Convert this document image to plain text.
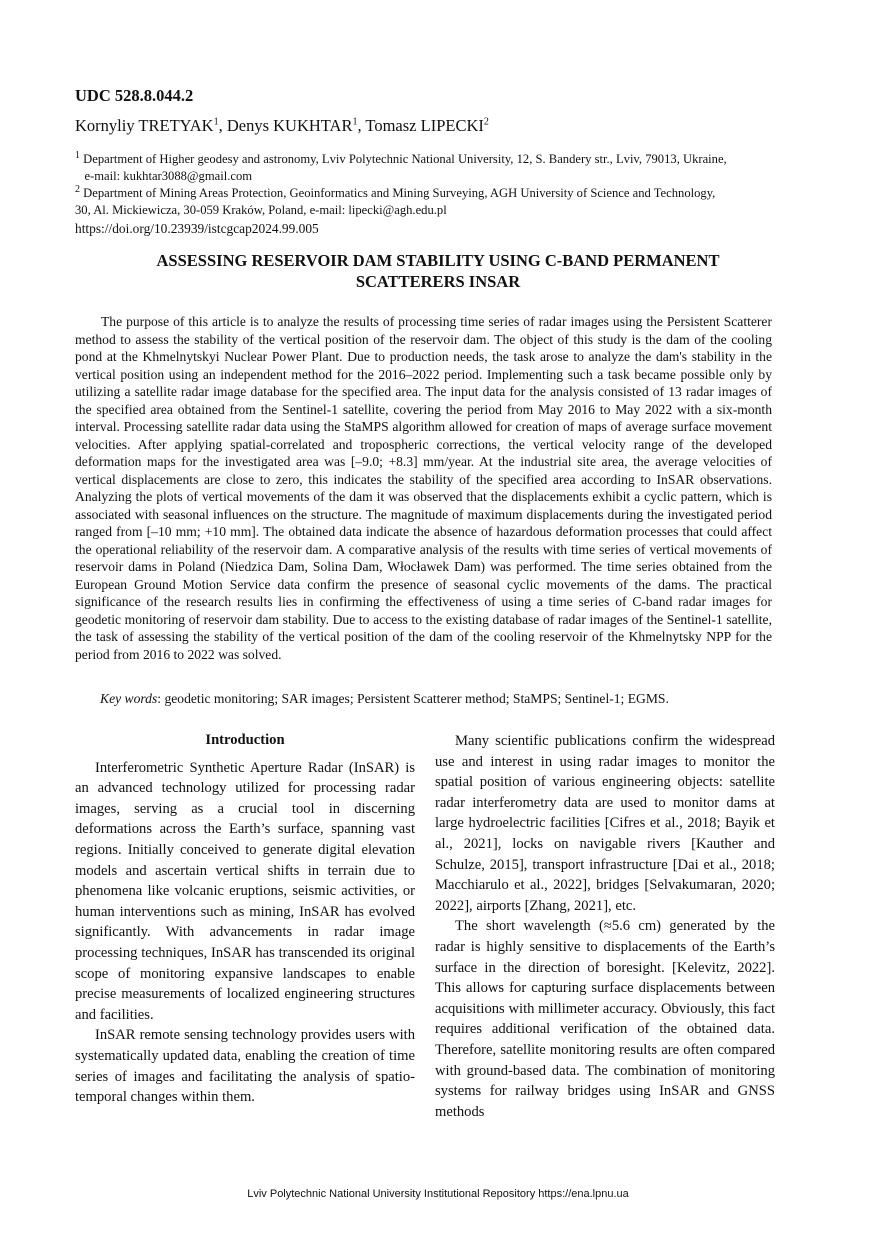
UDC 528.8.044.2
Kornyliy TRETYAK$^1$, Denys KUKHTAR$^1$, Tomasz LIPECKI$^2$
$^1$ Department of Higher geodesy and astronomy, Lviv Polytechnic National University, 12, S. Bandery str., Lviv, 79013, Ukraine,
e-mail: kukhtar3088@gmail.com
$^2$ Department of Mining Areas Protection, Geoinformatics and Mining Surveying, AGH University of Science and Technology,
30, Al. Mickiewicza, 30-059 Kraków, Poland, e-mail: lipecki@agh.edu.pl
https://doi.org/10.23939/istcgcap2024.99.005
ASSESSING RESERVOIR DAM STABILITY USING C-BAND PERMANENT
SCATTERERS INSAR

The purpose of this article is to analyze the results of processing time series of radar images using the Persistent Scatterer method to assess the stability of the vertical position of the reservoir dam. The object of this study is the dam of the cooling pond at the Khmelnytskyi Nuclear Power Plant. Due to production needs, the task arose to analyze the dam's stability in the vertical position using an independent method for the 2016–2022 period. Implementing such a task became possible only by utilizing a satellite radar image database for the specified area. The input data for the analysis consisted of 13 radar images of the specified area obtained from the Sentinel-1 satellite, covering the period from May 2016 to May 2022 with a six-month interval. Processing satellite radar data using the StaMPS algorithm allowed for creation of maps of average surface movement velocities. After applying spatial-correlated and tropospheric corrections, the vertical velocity range of the developed deformation maps for the investigated area was [–9.0; +8.3] mm/year. At the industrial site area, the average velocities of vertical displacements are close to zero, this indicates the stability of the specified area according to InSAR observations. Analyzing the plots of vertical movements of the dam it was observed that the displacements exhibit a cyclic pattern, which is associated with seasonal influences on the structure. The magnitude of maximum displacements during the investigated period ranged from [–10 mm; +10 mm]. The obtained data indicate the absence of hazardous deformation processes that could affect the operational reliability of the reservoir dam. A comparative analysis of the results with time series of vertical movements of reservoir dams in Poland (Niedzica Dam, Solina Dam, Włocławek Dam) was performed. The time series obtained from the European Ground Motion Service data confirm the presence of seasonal cyclic movements of the dams. The practical significance of the research results lies in confirming the effectiveness of using a time series of C-band radar images for geodetic monitoring of reservoir dam stability. Due to access to the existing database of radar images of the Sentinel-1 satellite, the task of assessing the stability of the vertical position of the dam of the cooling reservoir of the Khmelnytsky NPP for the period from 2016 to 2022 was solved.

Key words: geodetic monitoring; SAR images; Persistent Scatterer method; StaMPS; Sentinel-1; EGMS.
Introduction

Interferometric Synthetic Aperture Radar (InSAR) is an advanced technology utilized for processing radar images, serving as a crucial tool in discerning deformations across the Earth’s surface, spanning vast regions. Initially conceived to generate digital elevation models and ascertain vertical shifts in terrain due to phenomena like volcanic eruptions, seismic activities, or human interventions such as mining, InSAR has evolved significantly. With advancements in radar image processing techniques, InSAR has transcended its original scope of monitoring expansive landscapes to enable precise measurements of localized engineering structures and facilities.

InSAR remote sensing technology provides users with systematically updated data, enabling the creation of time series of images and facilitating the analysis of spatio-temporal changes within them.

Many scientific publications confirm the widespread use and interest in using radar images to monitor the spatial position of various engineering objects: satellite radar interferometry data are used to monitor dams at large hydroelectric facilities [Cifres et al., 2018; Bayik et al., 2021], locks on navigable rivers [Kauther and Schulze, 2015], transport infrastructure [Dai et al., 2018; Macchiarulo et al., 2022], bridges [Selvakumaran, 2020; 2022], airports [Zhang, 2021], etc.

The short wavelength (≈5.6 cm) generated by the radar is highly sensitive to displacements of the Earth’s surface in the direction of boresight. [Kelevitz, 2022]. This allows for capturing surface displacements between acquisitions with millimeter accuracy. Obviously, this fact requires additional verification of the obtained data. Therefore, satellite monitoring results are often compared with ground-based data. The combination of monitoring systems for railway bridges using InSAR and GNSS methods

Lviv Polytechnic National University Institutional Repository https://ena.lpnu.ua
